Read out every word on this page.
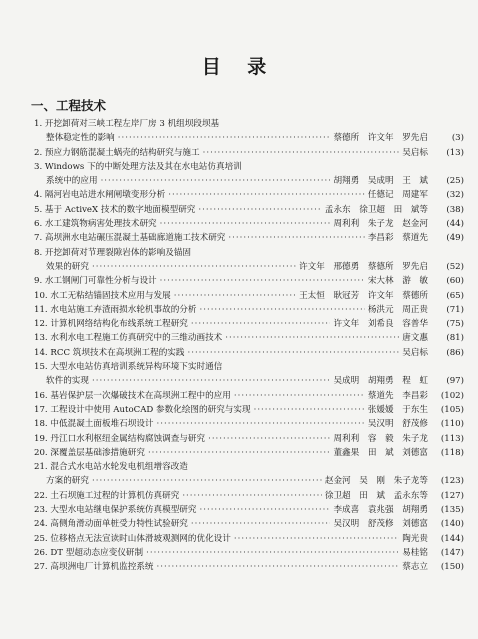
目 录
一、工程技术
1. 开挖卸荷对三峡工程左岸厂房 3 机组坝段坝基
整体稳定性的影响 ·····	蔡德所　许文年　罗先启	(3)
2. 预应力钢筋混凝土蜗壳的结构研究与施工 ·····	吴启标	(13)
3. Windows 下的中断处理方法及其在水电站仿真培训
系统中的应用 ·····	胡翔勇　吴成明　王　斌	(25)
4. 隔河岩电站进水闸闸墩变形分析 ·····	任德记　周建军	(32)
5. 基于 ActiveX 技术的数字地面模型研究 ·····	孟永东　徐卫超　田　斌等	(38)
6. 水工建筑物病害处理技术研究 ·····	周利利　朱子龙　赵金河	(44)
7. 高坝洲水电站碾压混凝土基础廊道施工技术研究 ·····	李昌彩　蔡道先	(49)
8. 开挖卸荷对节理裂隙岩体的影响及锚固
效果的研究 ·····	许文年　邢德勇　蔡德所　罗先启	(52)
9. 水工钢闸门可靠性分析与设计 ·····	宋大林　游　敏	(60)
10. 水工无粘结锚固技术应用与发展 ·····	王太恒　耿冠芳　许文年　蔡德所	(65)
11. 水电站施工弃渣雨损水轮机事故的分析 ·····	杨洪元　周正贵	(71)
12. 计算机网络结构化布线系统工程研究 ·····	许文年　刘希良　容普华	(75)
13. 水利水电工程施工仿真研究中的三维动画技术 ·····	唐文惠	(81)
14. RCC 筑坝技术在高坝洲工程的实践 ·····	吴启标	(86)
15. 大型水电站仿真培训系统异构环境下实时通信
软件的实现 ·····	吴成明　胡翔勇　程　虹	(97)
16. 基岩保护层一次爆破技术在高坝洲工程中的应用 ·····	蔡道先　李昌彩	(102)
17. 工程设计中使用 AutoCAD 参数化绘图的研究与实现 ·····	张媛媛　于东生	(105)
18. 中低混凝土面板堆石坝设计 ·····	吴汉明　舒茂修	(110)
19. 丹江口水利枢纽金属结构腐蚀调查与研究 ·····	周利利　容　毅　朱子龙	(113)
20. 深覆盖层基础渗措施研究 ·····	董鑫果　田　斌　刘德富	(118)
21. 混合式水电站水轮发电机组增容改造
方案的研究 ·····	赵金河　吴　刚　朱子龙等	(123)
22. 土石坝施工过程的计算机仿真研究 ·····	徐卫超　田　斌　孟永东等	(127)
23. 大型水电站继电保护系统仿真模型研究 ·····	李成喜　袁兆强　胡翔勇	(135)
24. 高侧角滑动面单桩受力特性试验研究 ·····	吴汉明　舒茂修　刘德富	(140)
25. 位移格点无法宣读时山体滑坡观测网的优化设计 ·····	陶光贵	(144)
26. DT 型超动态应变仪研制 ·····	易桂铭	(147)
27. 高坝洲电厂计算机监控系统 ·····	蔡志立	(150)
